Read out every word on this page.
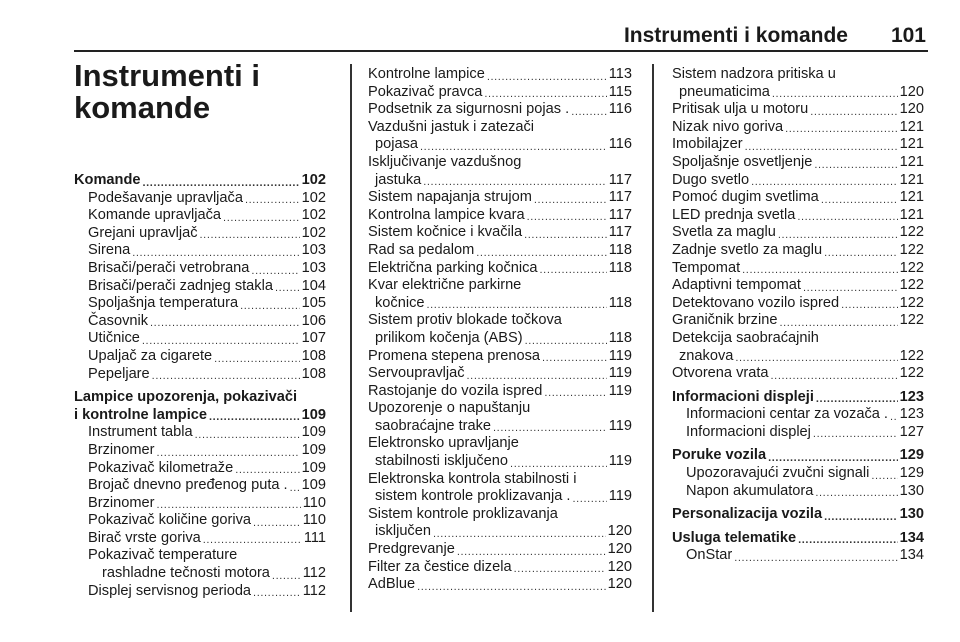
Instrumenti i komande 101
Instrumenti i komande
Komande .....	102
Podešavanje upravljača .....	102
Komande upravljača .....	102
Grejani upravljač .....	102
Sirena .....	103
Brisači/perači vetrobrana .....	103
Brisači/perači zadnjeg stakla ..... 104
Spoljašnja temperatura .....	105
Časovnik .....	106
Utičnice .....	107
Upaljač za cigarete .....	108
Pepeljare .....	108
Lampice upozorenja, pokazivači
i kontrolne lampice .....	109
Instrument tabla .....	109
Brzinomer .....	109
Pokazivač kilometraže .....	109
Brojač dnevno pređenog puta . ..... 109
Brzinomer .....	110
Pokazivač količine goriva .....	110
Birač vrste goriva .....	111
Pokazivač temperature
rashladne tečnosti motora ..... 112
Displej servisnog perioda .....	112
Kontrolne lampice .....	113
Pokazivač pravca .....	115
Podsetnik za sigurnosni pojas . .....	116
Vazdušni jastuk i zatezači
pojasa .....	116
Isključivanje vazdušnog
jastuka .....	117
Sistem napajanja strujom .....	117
Kontrolna lampice kvara .....	117
Sistem kočnice i kvačila .....	117
Rad sa pedalom .....	118
Električna parking kočnica .....	118
Kvar električne parkirne
kočnice .....	118
Sistem protiv blokade točkova
prilikom kočenja (ABS) .....	118
Promena stepena prenosa .....	119
Servoupravljač .....	119
Rastojanje do vozila ispred .....	119
Upozorenje o napuštanju
saobraćajne trake .....	119
Elektronsko upravljanje
stabilnosti isključeno .....	119
Elektronska kontrola stabilnosti i
sistem kontrole proklizavanja . .....	119
Sistem kontrole proklizavanja
isključen .....	120
Predgrevanje .....	120
Filter za čestice dizela .....	120
AdBlue .....	120
Sistem nadzora pritiska u
pneumaticima .....	120
Pritisak ulja u motoru .....	120
Nizak nivo goriva .....	121
Imobilajzer .....	121
Spoljašnje osvetljenje .....	121
Dugo svetlo .....	121
Pomoć dugim svetlima .....	121
LED prednja svetla .....	121
Svetla za maglu .....	122
Zadnje svetlo za maglu .....	122
Tempomat .....	122
Adaptivni tempomat .....	122
Detektovano vozilo ispred .....	122
Graničnik brzine .....	122
Detekcija saobraćajnih
znakova .....	122
Otvorena vrata .....	122
Informacioni displeji .....	123
Informacioni centar za vozača . ..... 123
Informacioni displej .....	127
Poruke vozila .....	129
Upozoravajući zvučni signali ..... 129
Napon akumulatora .....	130
Personalizacija vozila .....	130
Usluga telematike .....	134
OnStar .....	134
